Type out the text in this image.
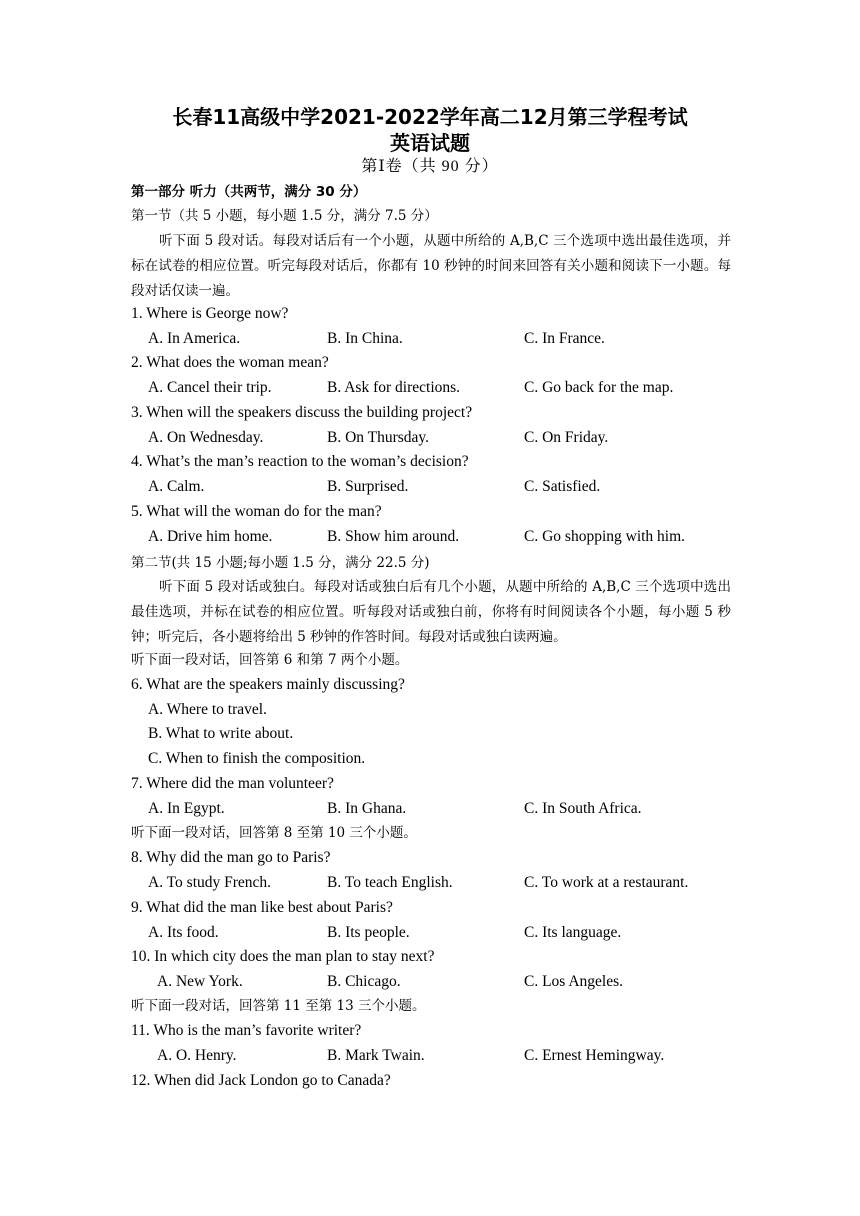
长春11高级中学2021-2022学年高二12月第三学程考试
英语试题
第Ⅰ卷（共 90 分）
第一部分 听力（共两节，满分 30 分）
第一节（共 5 小题，每小题 1.5 分，满分 7.5 分）
听下面 5 段对话。每段对话后有一个小题，从题中所给的 A,B,C 三个选项中选出最佳选项，并标在试卷的相应位置。听完每段对话后，你都有 10 秒钟的时间来回答有关小题和阅读下一小题。每段对话仅读一遍。
1. Where is George now?
A. In America.	B. In China.	C. In France.
2. What does the woman mean?
A. Cancel their trip.	B. Ask for directions.	C. Go back for the map.
3. When will the speakers discuss the building project?
A. On Wednesday.	B. On Thursday.	C. On Friday.
4. What’s the man’s reaction to the woman’s decision?
A. Calm.	B. Surprised.	C. Satisfied.
5. What will the woman do for the man?
A. Drive him home.	B. Show him around.	C. Go shopping with him.
第二节(共 15 小题;每小题 1.5 分，满分 22.5 分)
听下面 5 段对话或独白。每段对话或独白后有几个小题，从题中所给的 A,B,C 三个选项中选出最佳选项，并标在试卷的相应位置。听每段对话或独白前，你将有时间阅读各个小题，每小题 5 秒钟；听完后，各小题将给出 5 秒钟的作答时间。每段对话或独白读两遍。
听下面一段对话，回答第 6 和第 7 两个小题。
6. What are the speakers mainly discussing?
A. Where to travel.
B. What to write about.
C. When to finish the composition.
7. Where did the man volunteer?
A. In Egypt.	B. In Ghana.	C. In South Africa.
听下面一段对话，回答第 8 至第 10 三个小题。
8. Why did the man go to Paris?
A. To study French.	B. To teach English.	C. To work at a restaurant.
9. What did the man like best about Paris?
A. Its food.	B. Its people.	C. Its language.
10. In which city does the man plan to stay next?
A. New York.	B. Chicago.	C. Los Angeles.
听下面一段对话，回答第 11 至第 13 三个小题。
11. Who is the man’s favorite writer?
A. O. Henry.	B. Mark Twain.	C. Ernest Hemingway.
12. When did Jack London go to Canada?
